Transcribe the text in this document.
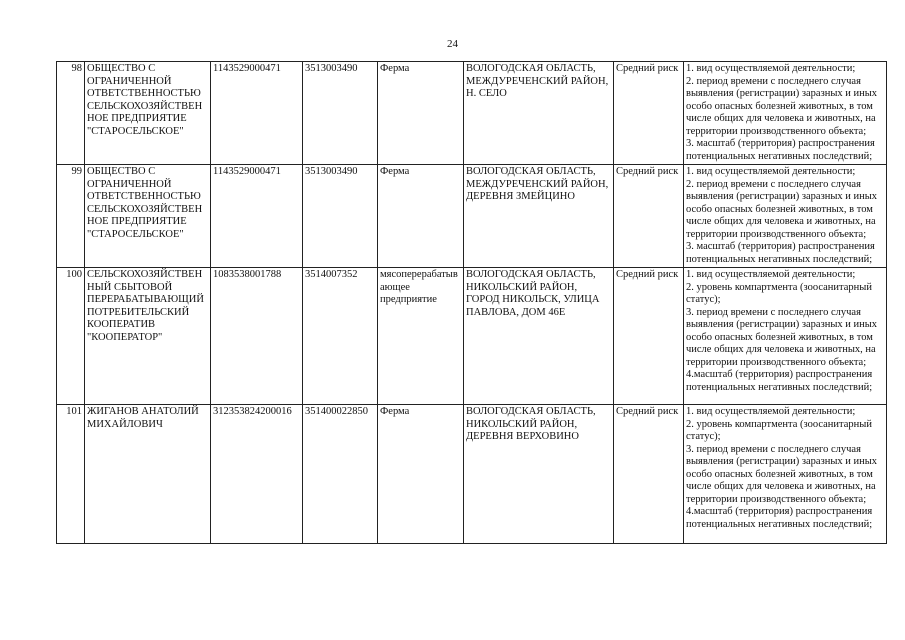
24
98	ОБЩЕСТВО С ОГРАНИЧЕННОЙ ОТВЕТСТВЕННОСТЬЮ СЕЛЬСКОХОЗЯЙСТВЕН НОЕ ПРЕДПРИЯТИЕ "СТАРОСЕЛЬСКОЕ"	1143529000471	3513003490	Ферма	ВОЛОГОДСКАЯ ОБЛАСТЬ, МЕЖДУРЕЧЕНСКИЙ РАЙОН, Н. СЕЛО	Средний риск	1. вид осуществляемой деятельности;
2. период времени с последнего случая выявления (регистрации) заразных и иных особо опасных болезней животных, в том числе общих для человека и животных, на территории производственного объекта;
3. масштаб (территория) распространения потенциальных негативных последствий;

99	ОБЩЕСТВО С ОГРАНИЧЕННОЙ ОТВЕТСТВЕННОСТЬЮ СЕЛЬСКОХОЗЯЙСТВЕН НОЕ ПРЕДПРИЯТИЕ "СТАРОСЕЛЬСКОЕ"	1143529000471	3513003490	Ферма	ВОЛОГОДСКАЯ ОБЛАСТЬ, МЕЖДУРЕЧЕНСКИЙ РАЙОН, ДЕРЕВНЯ ЗМЕЙЦИНО	Средний риск	1. вид осуществляемой деятельности;
2. период времени с последнего случая выявления (регистрации) заразных и иных особо опасных болезней животных, в том числе общих для человека и животных, на территории производственного объекта;
3. масштаб (территория) распространения потенциальных негативных последствий;

100	СЕЛЬСКОХОЗЯЙСТВЕН НЫЙ СБЫТОВОЙ ПЕРЕРАБАТЫВАЮЩИЙ ПОТРЕБИТЕЛЬСКИЙ КООПЕРАТИВ "КООПЕРАТОР"	1083538001788	3514007352	мясоперерабатыв ающее предприятие	ВОЛОГОДСКАЯ ОБЛАСТЬ, НИКОЛЬСКИЙ РАЙОН, ГОРОД НИКОЛЬСК, УЛИЦА ПАВЛОВА, ДОМ 46Е	Средний риск	1. вид осуществляемой деятельности;
2. уровень компартмента (зоосанитарный статус);
3. период времени с последнего случая выявления (регистрации) заразных и иных особо опасных болезней животных, в том числе общих для человека и животных, на территории производственного объекта;
4.масштаб (территория) распространения потенциальных негативных последствий;

101	ЖИГАНОВ АНАТОЛИЙ МИХАЙЛОВИЧ	312353824200016	351400022850	Ферма	ВОЛОГОДСКАЯ ОБЛАСТЬ, НИКОЛЬСКИЙ РАЙОН, ДЕРЕВНЯ ВЕРХОВИНО	Средний риск	1. вид осуществляемой деятельности;
2. уровень компартмента (зоосанитарный статус);
3. период времени с последнего случая выявления (регистрации) заразных и иных особо опасных болезней животных, в том числе общих для человека и животных, на территории производственного объекта;
4.масштаб (территория) распространения потенциальных негативных последствий;
